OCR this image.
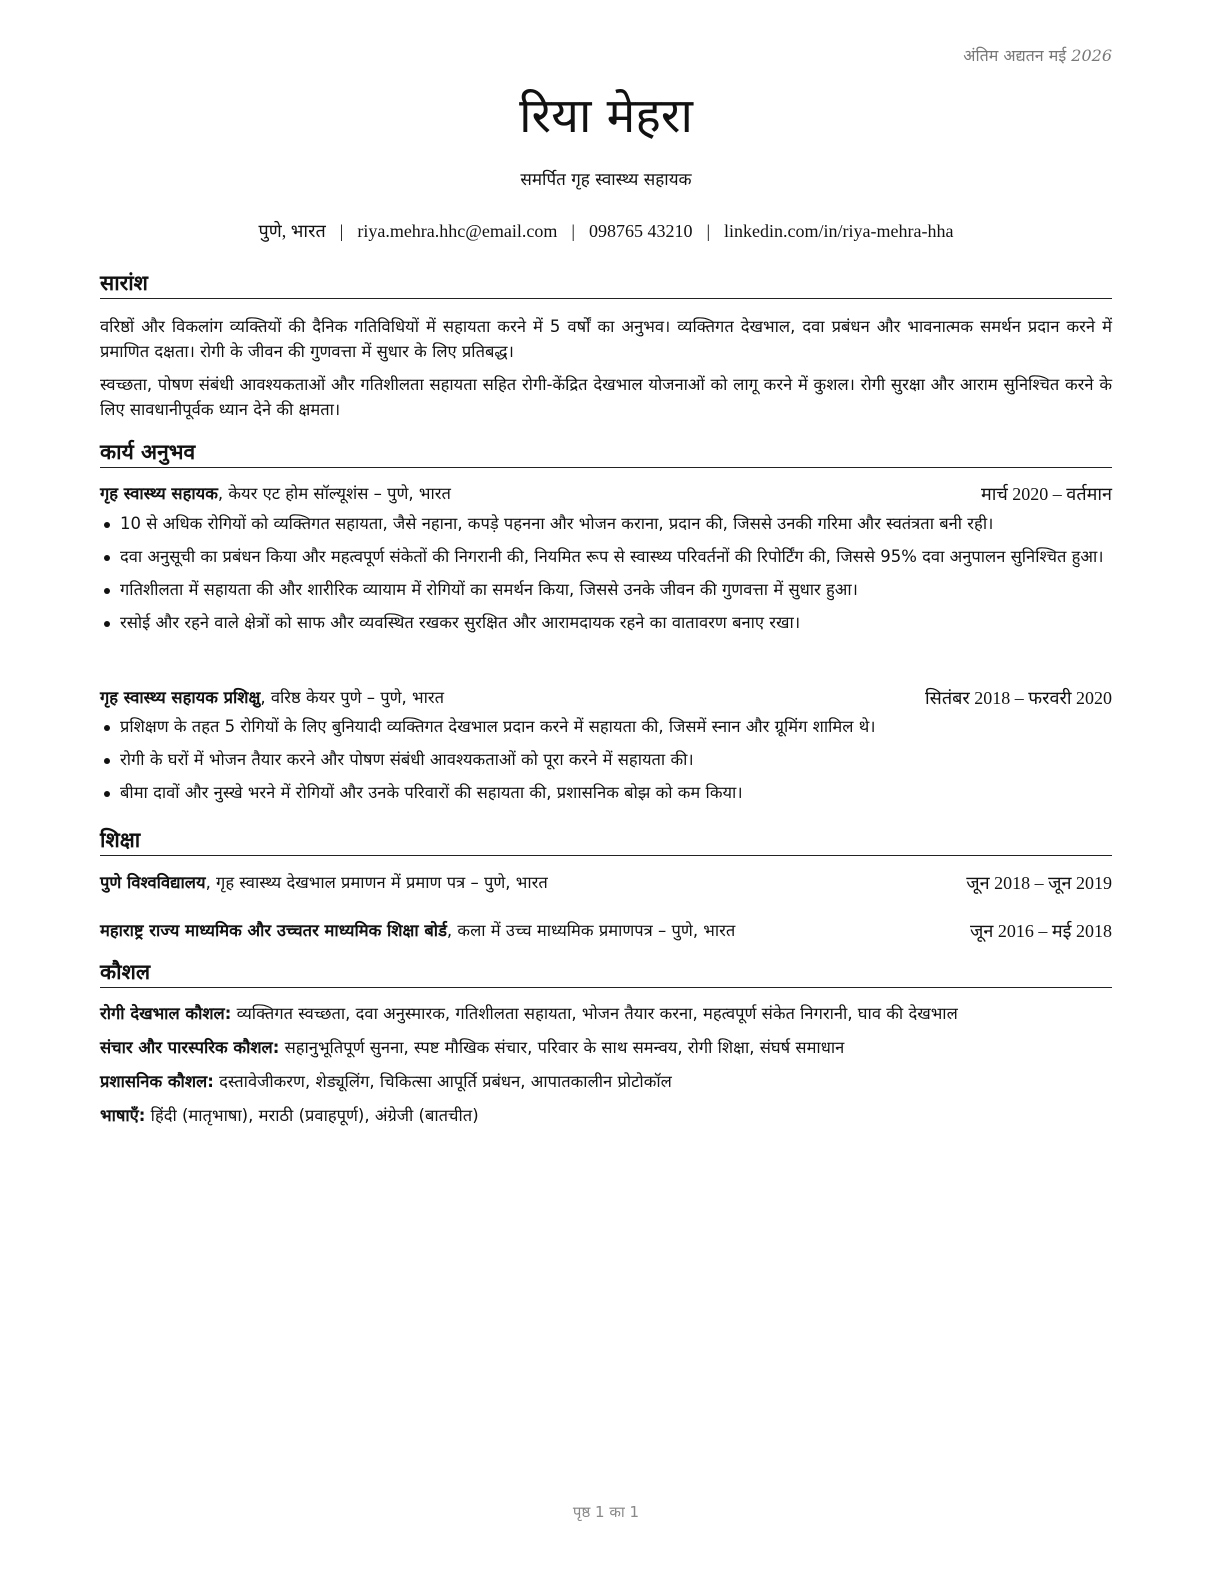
अंतिम अद्यतन मई 2026
रिया मेहरा
समर्पित गृह स्वास्थ्य सहायक
पुणे, भारत | riya.mehra.hhc@email.com | 098765 43210 | linkedin.com/in/riya-mehra-hha
सारांश
वरिष्ठों और विकलांग व्यक्तियों की दैनिक गतिविधियों में सहायता करने में 5 वर्षों का अनुभव। व्यक्तिगत देखभाल, दवा प्रबंधन और भावनात्मक समर्थन प्रदान करने में प्रमाणित दक्षता। रोगी के जीवन की गुणवत्ता में सुधार के लिए प्रतिबद्ध।
स्वच्छता, पोषण संबंधी आवश्यकताओं और गतिशीलता सहायता सहित रोगी-केंद्रित देखभाल योजनाओं को लागू करने में कुशल। रोगी सुरक्षा और आराम सुनिश्चित करने के लिए सावधानीपूर्वक ध्यान देने की क्षमता।
कार्य अनुभव
गृह स्वास्थ्य सहायक, केयर एट होम सॉल्यूशंस – पुणे, भारत	मार्च 2020 – वर्तमान
10 से अधिक रोगियों को व्यक्तिगत सहायता, जैसे नहाना, कपड़े पहनना और भोजन कराना, प्रदान की, जिससे उनकी गरिमा और स्वतंत्रता बनी रही।
दवा अनुसूची का प्रबंधन किया और महत्वपूर्ण संकेतों की निगरानी की, नियमित रूप से स्वास्थ्य परिवर्तनों की रिपोर्टिंग की, जिससे 95% दवा अनुपालन सुनिश्चित हुआ।
गतिशीलता में सहायता की और शारीरिक व्यायाम में रोगियों का समर्थन किया, जिससे उनके जीवन की गुणवत्ता में सुधार हुआ।
रसोई और रहने वाले क्षेत्रों को साफ और व्यवस्थित रखकर सुरक्षित और आरामदायक रहने का वातावरण बनाए रखा।
गृह स्वास्थ्य सहायक प्रशिक्षु, वरिष्ठ केयर पुणे – पुणे, भारत	सितंबर 2018 – फरवरी 2020
प्रशिक्षण के तहत 5 रोगियों के लिए बुनियादी व्यक्तिगत देखभाल प्रदान करने में सहायता की, जिसमें स्नान और ग्रूमिंग शामिल थे।
रोगी के घरों में भोजन तैयार करने और पोषण संबंधी आवश्यकताओं को पूरा करने में सहायता की।
बीमा दावों और नुस्खे भरने में रोगियों और उनके परिवारों की सहायता की, प्रशासनिक बोझ को कम किया।
शिक्षा
पुणे विश्वविद्यालय, गृह स्वास्थ्य देखभाल प्रमाणन में प्रमाण पत्र – पुणे, भारत	जून 2018 – जून 2019
महाराष्ट्र राज्य माध्यमिक और उच्चतर माध्यमिक शिक्षा बोर्ड, कला में उच्च माध्यमिक प्रमाणपत्र – पुणे, भारत	जून 2016 – मई 2018
कौशल
रोगी देखभाल कौशल: व्यक्तिगत स्वच्छता, दवा अनुस्मारक, गतिशीलता सहायता, भोजन तैयार करना, महत्वपूर्ण संकेत निगरानी, घाव की देखभाल
संचार और पारस्परिक कौशल: सहानुभूतिपूर्ण सुनना, स्पष्ट मौखिक संचार, परिवार के साथ समन्वय, रोगी शिक्षा, संघर्ष समाधान
प्रशासनिक कौशल: दस्तावेजीकरण, शेड्यूलिंग, चिकित्सा आपूर्ति प्रबंधन, आपातकालीन प्रोटोकॉल
भाषाएँ: हिंदी (मातृभाषा), मराठी (प्रवाहपूर्ण), अंग्रेजी (बातचीत)
पृष्ठ 1 का 1
